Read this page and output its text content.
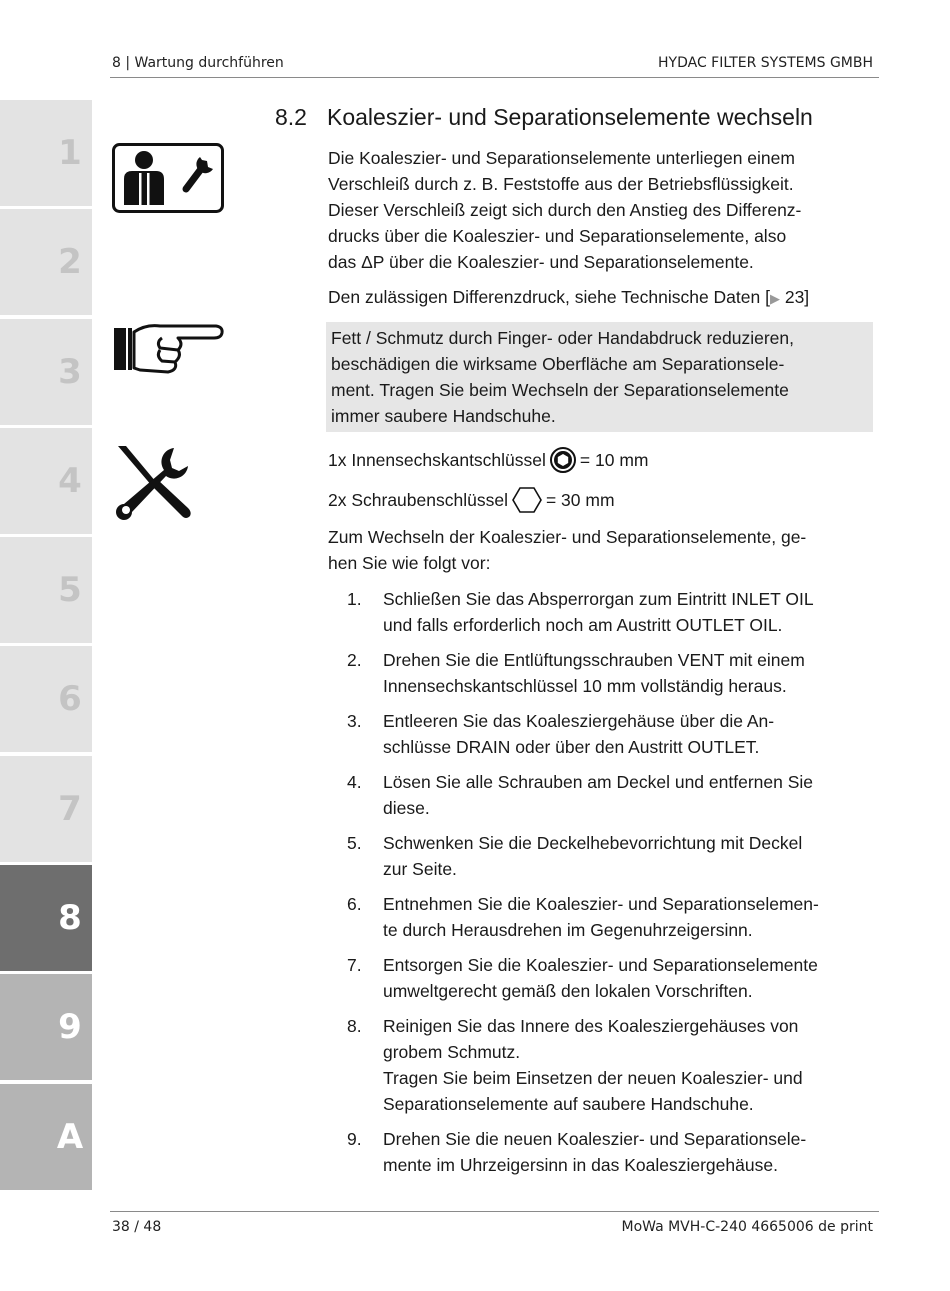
8 | Wartung durchführen	HYDAC FILTER SYSTEMS GMBH
1
2
3
4
5
6
7
8
9
A
8.2 Koaleszier- und Separationselemente wechseln
Die Koaleszier- und Separationselemente unterliegen einem
Verschleiß durch z. B. Feststoffe aus der Betriebsflüssigkeit.
Dieser Verschleiß zeigt sich durch den Anstieg des Differenz-
drucks über die Koaleszier- und Separationselemente, also
das ΔP über die Koaleszier- und Separationselemente.
Den zulässigen Differenzdruck, siehe Technische Daten [▶ 23]
Fett / Schmutz durch Finger- oder Handabdruck reduzieren,
beschädigen die wirksame Oberfläche am Separationsele-
ment. Tragen Sie beim Wechseln der Separationselemente
immer saubere Handschuhe.
1x Innensechskantschlüssel = 10 mm
2x Schraubenschlüssel = 30 mm
Zum Wechseln der Koaleszier- und Separationselemente, ge-
hen Sie wie folgt vor:
1.	Schließen Sie das Absperrorgan zum Eintritt INLET OIL
und falls erforderlich noch am Austritt OUTLET OIL.
2.	Drehen Sie die Entlüftungsschrauben VENT mit einem
Innensechskantschlüssel 10 mm vollständig heraus.
3.	Entleeren Sie das Koalesziergehäuse über die An-
schlüsse DRAIN oder über den Austritt OUTLET.
4.	Lösen Sie alle Schrauben am Deckel und entfernen Sie
diese.
5.	Schwenken Sie die Deckelhebevorrichtung mit Deckel
zur Seite.
6.	Entnehmen Sie die Koaleszier- und Separationselemen-
te durch Herausdrehen im Gegenuhrzeigersinn.
7.	Entsorgen Sie die Koaleszier- und Separationselemente
umweltgerecht gemäß den lokalen Vorschriften.
8.	Reinigen Sie das Innere des Koalesziergehäuses von
grobem Schmutz.
Tragen Sie beim Einsetzen der neuen Koaleszier- und
Separationselemente auf saubere Handschuhe.
9.	Drehen Sie die neuen Koaleszier- und Separationsele-
mente im Uhrzeigersinn in das Koalesziergehäuse.
38 / 48	MoWa MVH-C-240 4665006 de print
